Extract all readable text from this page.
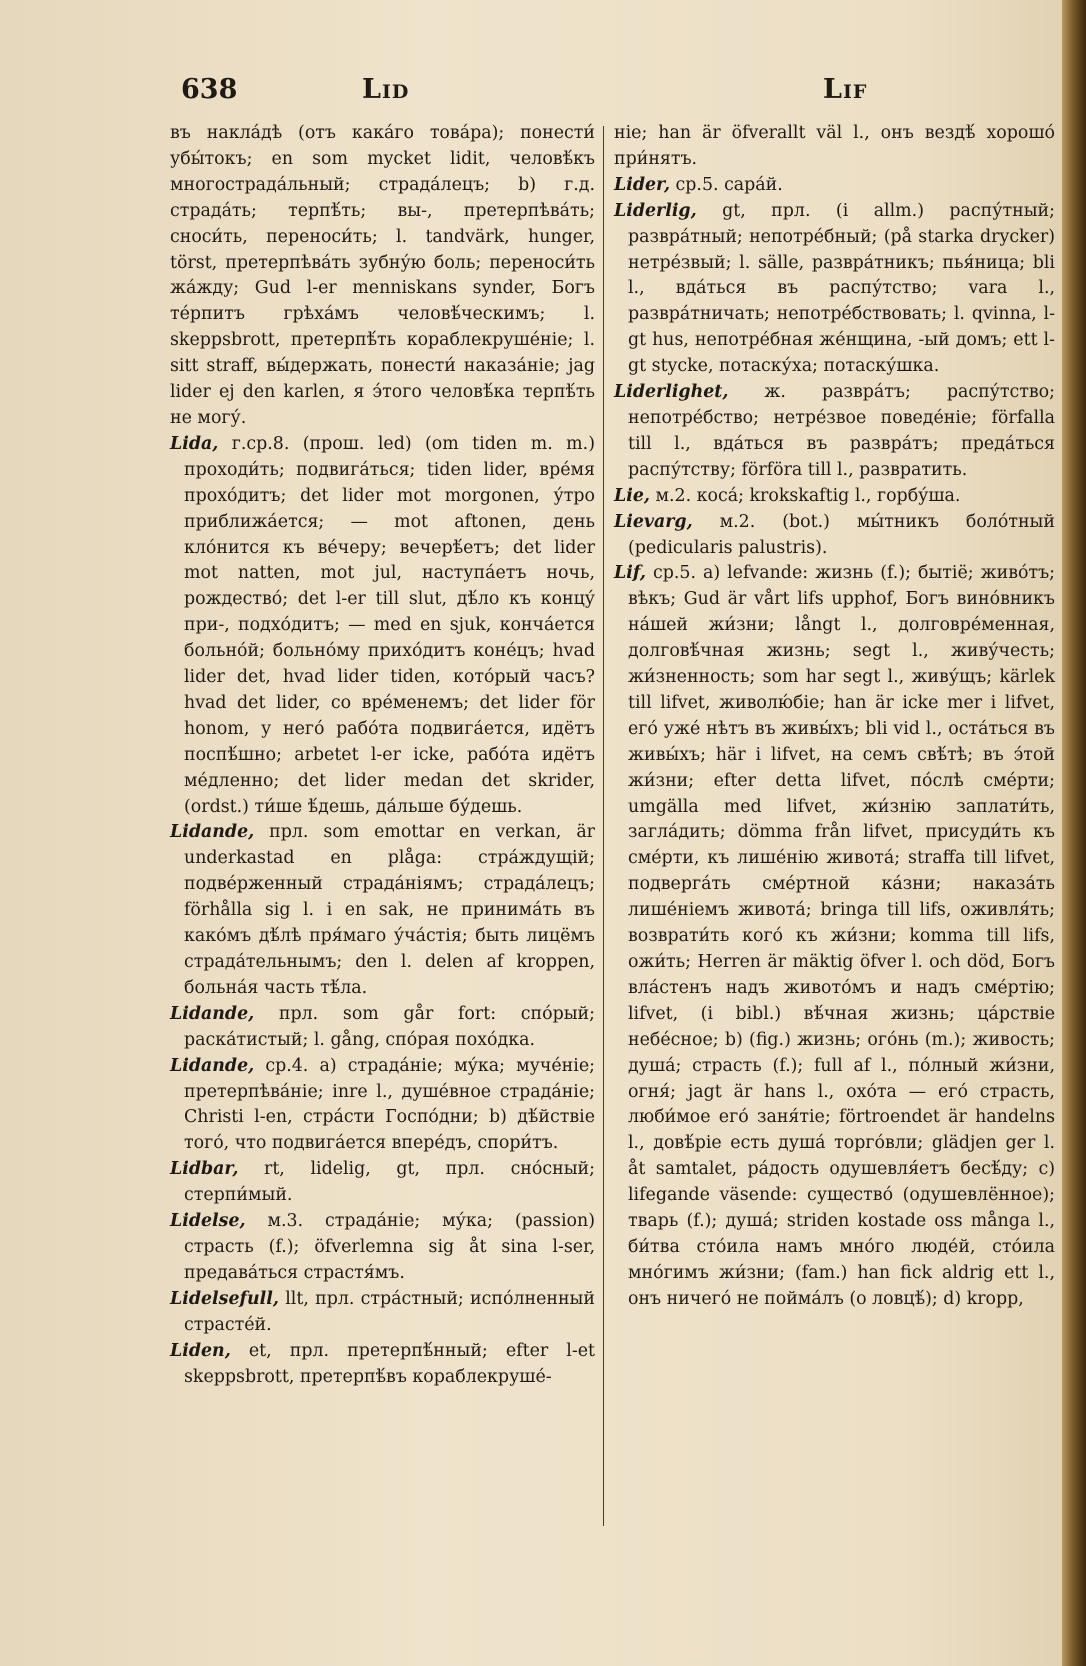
638	Lid	Lif

въ накла́дѣ (отъ кака́го това́ра); понести́ убы́токъ; en som mycket lidit, человѣ́къ многострада́льный; страда́лецъ; b) г.д. страда́ть; терпѣ́ть; вы-, претерпѣва́ть; сноси́ть, переноси́ть; l. tandvärk, hunger, törst, претерпѣва́ть зубну́ю боль; переноси́ть жа́жду; Gud l-er menniskans synder, Богъ те́рпитъ грѣха́мъ человѣ́ческимъ; l. skeppsbrott, претерпѣ́ть кораблекруше́ніе; l. sitt straff, вы́держать, понести́ наказа́ніе; jag lider ej den karlen, я э́того человѣ́ка терпѣ́ть не могу́.

Lida, г.ср.8. (прош. led) (om tiden m. m.) проходи́ть; подвига́ться; tiden lider, вре́мя прохо́дитъ; det lider mot morgonen, у́тро приближа́ется; — mot aftonen, день кло́нится къ ве́черу; вечерѣ́етъ; det lider mot natten, mot jul, наступа́етъ ночь, рождество́; det l-er till slut, дѣ́ло къ концу́ при-, подхо́дитъ; — med en sjuk, конча́ется больно́й; больно́му прихо́дитъ коне́цъ; hvad lider det, hvad lider tiden, кото́рый часъ? hvad det lider, со вре́менемъ; det lider för honom, у него́ рабо́та подвига́ется, идётъ поспѣ́шно; arbetet l-er icke, рабо́та идётъ ме́дленно; det lider medan det skrider, (ordst.) ти́ше ѣ́дешь, да́льше бу́дешь.

Lidande, прл. som emottar en verkan, är underkastad en plåga: стра́ждущій; подве́рженный страда́ніямъ; страда́лецъ; förhålla sig l. i en sak, не принима́ть въ како́мъ дѣ́лѣ пря́маго у́ча́стія; быть лицёмъ страда́тельнымъ; den l. delen af kroppen, больна́я часть тѣ́ла.

Lidande, прл. som går fort: спо́рый; раска́тистый; l. gång, спо́рая похо́дка.

Lidande, ср.4. a) страда́ніе; му́ка; муче́ніе; претерпѣва́ніе; inre l., душе́вное страда́ніе; Christi l-en, стра́сти Госпо́дни; b) дѣ́йствіе того́, что подвига́ется впере́дъ, спори́тъ.

Lidbar, rt, lidelig, gt, прл. сно́сный; стерпи́мый.

Lidelse, м.3. страда́ніе; му́ка; (passion) страсть (f.); öfverlemna sig åt sina l-ser, предава́ться страстя́мъ.

Lidelsefull, llt, прл. стра́стный; испо́лненный страсте́й.

Liden, et, прл. претерпѣ́нный; efter l-et skeppsbrott, претерпѣ́въ кораблекруше́-

ніе; han är öfverallt väl l., онъ вездѣ́ хорошо́ при́нятъ.

Lider, ср.5. сара́й.

Liderlig, gt, прл. (i allm.) распу́тный; развра́тный; непотре́бный; (på starka drycker) нетре́звый; l. sälle, развра́тникъ; пья́ница; bli l., вда́ться въ распу́тство; vara l., развра́тничать; непотре́бствовать; l. qvinna, l-gt hus, непотре́бная же́нщина, -ый домъ; ett l-gt stycke, потаску́ха; потаску́шка.

Liderlighet, ж. развра́тъ; распу́тство; непотре́бство; нетре́звое поведе́ніе; förfalla till l., вда́ться въ развра́тъ; преда́ться распу́тству; förföra till l., развратить.

Lie, м.2. коса́; krokskaftig l., горбу́ша.

Lievarg, м.2. (bot.) мы́тникъ боло́тный (pedicularis palustris).

Lif, ср.5. a) lefvande: жизнь (f.); бытіё; живо́тъ; вѣкъ; Gud är vårt lifs upphof, Богъ вино́вникъ на́шей жи́зни; långt l., долговре́менная, долговѣ́чная жизнь; segt l., живу́честь; жи́зненность; som har segt l., живу́щъ; kärlek till lifvet, живолю́біе; han är icke mer i lifvet, его́ уже́ нѣтъ въ живы́хъ; bli vid l., оста́ться въ живы́хъ; här i lifvet, на семъ свѣ́тѣ; въ э́той жи́зни; efter detta lifvet, по́слѣ сме́рти; umgälla med lifvet, жи́знію заплати́ть, загла́дить; dömma från lifvet, присуди́ть къ сме́рти, къ лише́нію живота́; straffa till lifvet, подверга́ть сме́ртной ка́зни; наказа́ть лише́ніемъ живота́; bringa till lifs, оживля́ть; возврати́ть кого́ къ жи́зни; komma till lifs, ожи́ть; Herren är mäktig öfver l. och död, Богъ вла́стенъ надъ живото́мъ и надъ сме́ртію; lifvet, (i bibl.) вѣ́чная жизнь; ца́рствіе небе́сное; b) (fig.) жизнь; ого́нь (m.); живость; душа́; страсть (f.); full af l., по́лный жи́зни, огня́; jagt är hans l., охо́та — его́ страсть, люби́мое его́ заня́тіе; förtroendet är handelns l., довѣ́ріе есть душа́ торго́вли; glädjen ger l. åt samtalet, ра́дость одушевля́етъ бесѣ́ду; c) lifegande väsende: существо́ (одушевлённое); тварь (f.); душа́; striden kostade oss många l., би́тва сто́ила намъ мно́го людéй, сто́ила мно́гимъ жи́зни; (fam.) han fick aldrig ett l., онъ ничего́ не пойма́лъ (о ловцѣ́); d) kropp,
